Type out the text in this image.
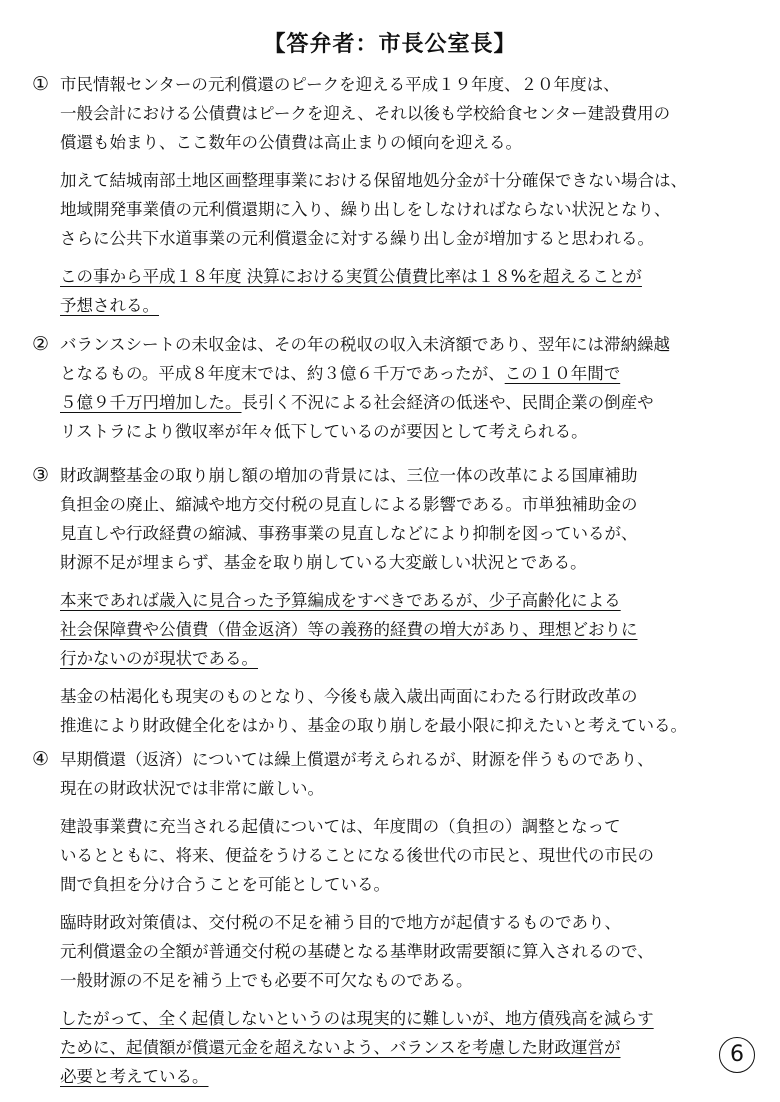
【答弁者：市長公室長】
① 市民情報センターの元利償還のピークを迎える平成１９年度、２０年度は、
一般会計における公債費はピークを迎え、それ以後も学校給食センター建設費用の
償還も始まり、ここ数年の公債費は高止まりの傾向を迎える。
加えて結城南部土地区画整理事業における保留地処分金が十分確保できない場合は、
地域開発事業債の元利償還期に入り、繰り出しをしなければならない状況となり、
さらに公共下水道事業の元利償還金に対する繰り出し金が増加すると思われる。
この事から平成１８年度 決算における実質公債費比率は１８%を超えることが
予想される。
② バランスシートの未収金は、その年の税収の収入未済額であり、翌年には滞納繰越
となるもの。平成８年度末では、約３億６千万であったが、この１０年間で
５億９千万円増加した。長引く不況による社会経済の低迷や、民間企業の倒産や
リストラにより徴収率が年々低下しているのが要因として考えられる。
③ 財政調整基金の取り崩し額の増加の背景には、三位一体の改革による国庫補助
負担金の廃止、縮減や地方交付税の見直しによる影響である。市単独補助金の
見直しや行政経費の縮減、事務事業の見直しなどにより抑制を図っているが、
財源不足が埋まらず、基金を取り崩している大変厳しい状況とである。
本来であれば歳入に見合った予算編成をすべきであるが、少子高齢化による
社会保障費や公債費（借金返済）等の義務的経費の増大があり、理想どおりに
行かないのが現状である。
基金の枯渇化も現実のものとなり、今後も歳入歳出両面にわたる行財政改革の
推進により財政健全化をはかり、基金の取り崩しを最小限に抑えたいと考えている。
④ 早期償還（返済）については繰上償還が考えられるが、財源を伴うものであり、
現在の財政状況では非常に厳しい。
建設事業費に充当される起債については、年度間の（負担の）調整となって
いるとともに、将来、便益をうけることになる後世代の市民と、現世代の市民の
間で負担を分け合うことを可能としている。
臨時財政対策債は、交付税の不足を補う目的で地方が起債するものであり、
元利償還金の全額が普通交付税の基礎となる基準財政需要額に算入されるので、
一般財源の不足を補う上でも必要不可欠なものである。
したがって、全く起債しないというのは現実的に難しいが、地方債残高を減らす
ために、起債額が償還元金を超えないよう、バランスを考慮した財政運営が
必要と考えている。
6
